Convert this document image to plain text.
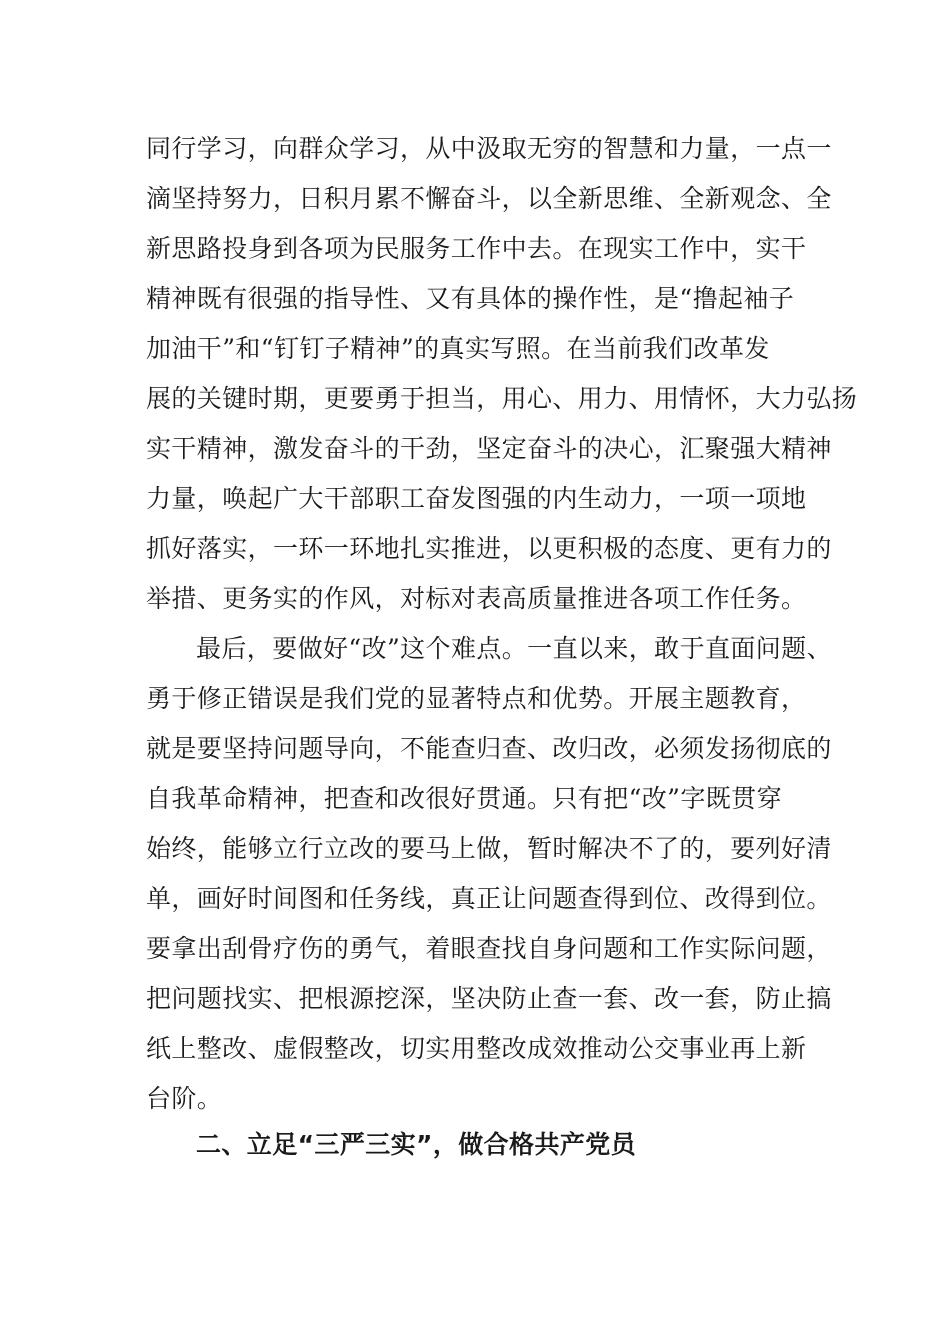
同行学习，向群众学习，从中汲取无穷的智慧和力量，一点一
滴坚持努力，日积月累不懈奋斗，以全新思维、全新观念、全
新思路投身到各项为民服务工作中去。在现实工作中，实干
精神既有很强的指导性、又有具体的操作性，是“撸起袖子
加油干”和“钉钉子精神”的真实写照。在当前我们改革发
展的关键时期，更要勇于担当，用心、用力、用情怀，大力弘扬
实干精神，激发奋斗的干劲，坚定奋斗的决心，汇聚强大精神
力量，唤起广大干部职工奋发图强的内生动力，一项一项地
抓好落实，一环一环地扎实推进，以更积极的态度、更有力的
举措、更务实的作风，对标对表高质量推进各项工作任务。
最后，要做好“改”这个难点。一直以来，敢于直面问题、
勇于修正错误是我们党的显著特点和优势。开展主题教育，
就是要坚持问题导向，不能查归查、改归改，必须发扬彻底的
自我革命精神，把查和改很好贯通。只有把“改”字既贯穿
始终，能够立行立改的要马上做，暂时解决不了的，要列好清
单，画好时间图和任务线，真正让问题查得到位、改得到位。
要拿出刮骨疗伤的勇气，着眼查找自身问题和工作实际问题，
把问题找实、把根源挖深，坚决防止查一套、改一套，防止搞
纸上整改、虚假整改，切实用整改成效推动公交事业再上新
台阶。
二、立足“三严三实”，做合格共产党员
